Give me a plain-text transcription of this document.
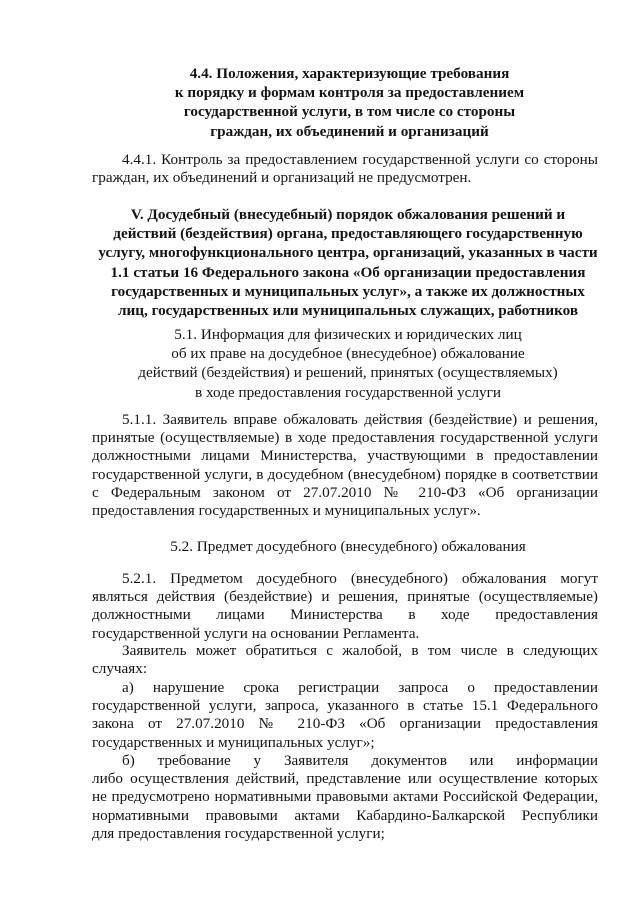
4.4. Положения, характеризующие требования
к порядку и формам контроля за предоставлением
государственной услуги, в том числе со стороны
граждан, их объединений и организаций
4.4.1. Контроль за предоставлением государственной услуги со стороны
граждан, их объединений и организаций не предусмотрен.
V. Досудебный (внесудебный) порядок обжалования решений и
действий (бездействия) органа, предоставляющего государственную
услугу, многофункционального центра, организаций, указанных в части
1.1 статьи 16 Федерального закона «Об организации предоставления
государственных и муниципальных услуг», а также их должностных
лиц, государственных или муниципальных служащих, работников
5.1. Информация для физических и юридических лиц
об их праве на досудебное (внесудебное) обжалование
действий (бездействия) и решений, принятых (осуществляемых)
в ходе предоставления государственной услуги
5.1.1. Заявитель вправе обжаловать действия (бездействие) и решения,
принятые (осуществляемые) в ходе предоставления государственной услуги
должностными лицами Министерства, участвующими в предоставлении
государственной услуги, в досудебном (внесудебном) порядке в соответствии
с Федеральным законом от 27.07.2010 № 210-ФЗ «Об организации
предоставления государственных и муниципальных услуг».
5.2. Предмет досудебного (внесудебного) обжалования
5.2.1. Предметом досудебного (внесудебного) обжалования могут
являться действия (бездействие) и решения, принятые (осуществляемые)
должностными лицами Министерства в ходе предоставления
государственной услуги на основании Регламента.
Заявитель может обратиться с жалобой, в том числе в следующих
случаях:
а) нарушение срока регистрации запроса о предоставлении
государственной услуги, запроса, указанного в статье 15.1 Федерального
закона от 27.07.2010 № 210-ФЗ «Об организации предоставления
государственных и муниципальных услуг»;
б) требование у Заявителя документов или информации
либо осуществления действий, представление или осуществление которых
не предусмотрено нормативными правовыми актами Российской Федерации,
нормативными правовыми актами Кабардино-Балкарской Республики
для предоставления государственной услуги;
